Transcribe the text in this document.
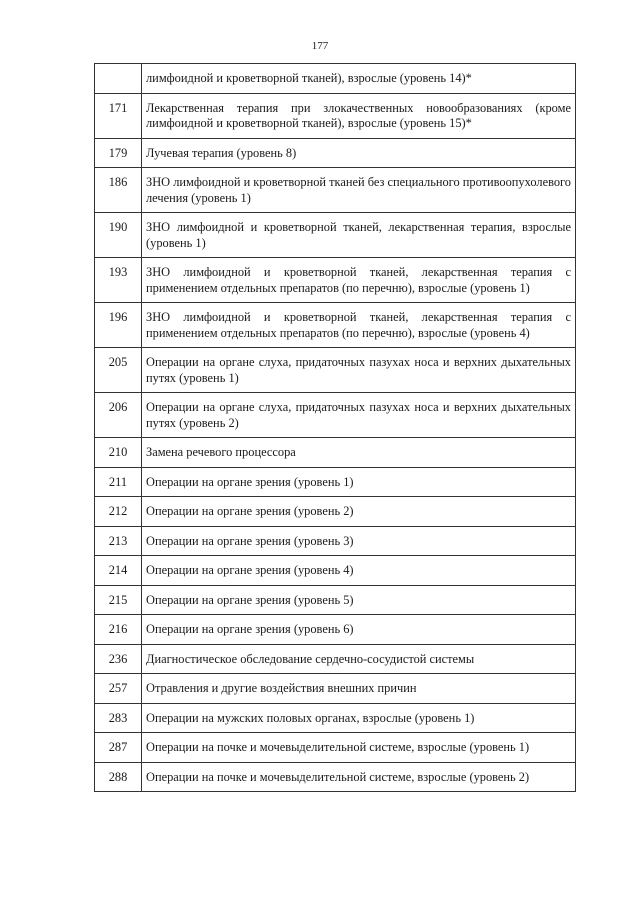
177
	лимфоидной и кроветворной тканей), взрослые (уровень 14)*
171	Лекарственная терапия при злокачественных новообразованиях (кроме лимфоидной и кроветворной тканей), взрослые (уровень 15)*
179	Лучевая терапия (уровень 8)
186	ЗНО лимфоидной и кроветворной тканей без специального противоопухолевого лечения (уровень 1)
190	ЗНО лимфоидной и кроветворной тканей, лекарственная терапия, взрослые (уровень 1)
193	ЗНО лимфоидной и кроветворной тканей, лекарственная терапия с применением отдельных препаратов (по перечню), взрослые (уровень 1)
196	ЗНО лимфоидной и кроветворной тканей, лекарственная терапия с применением отдельных препаратов (по перечню), взрослые (уровень 4)
205	Операции на органе слуха, придаточных пазухах носа и верхних дыхательных путях (уровень 1)
206	Операции на органе слуха, придаточных пазухах носа и верхних дыхательных путях (уровень 2)
210	Замена речевого процессора
211	Операции на органе зрения (уровень 1)
212	Операции на органе зрения (уровень 2)
213	Операции на органе зрения (уровень 3)
214	Операции на органе зрения (уровень 4)
215	Операции на органе зрения (уровень 5)
216	Операции на органе зрения (уровень 6)
236	Диагностическое обследование сердечно-сосудистой системы
257	Отравления и другие воздействия внешних причин
283	Операции на мужских половых органах, взрослые (уровень 1)
287	Операции на почке и мочевыделительной системе, взрослые (уровень 1)
288	Операции на почке и мочевыделительной системе, взрослые (уровень 2)
